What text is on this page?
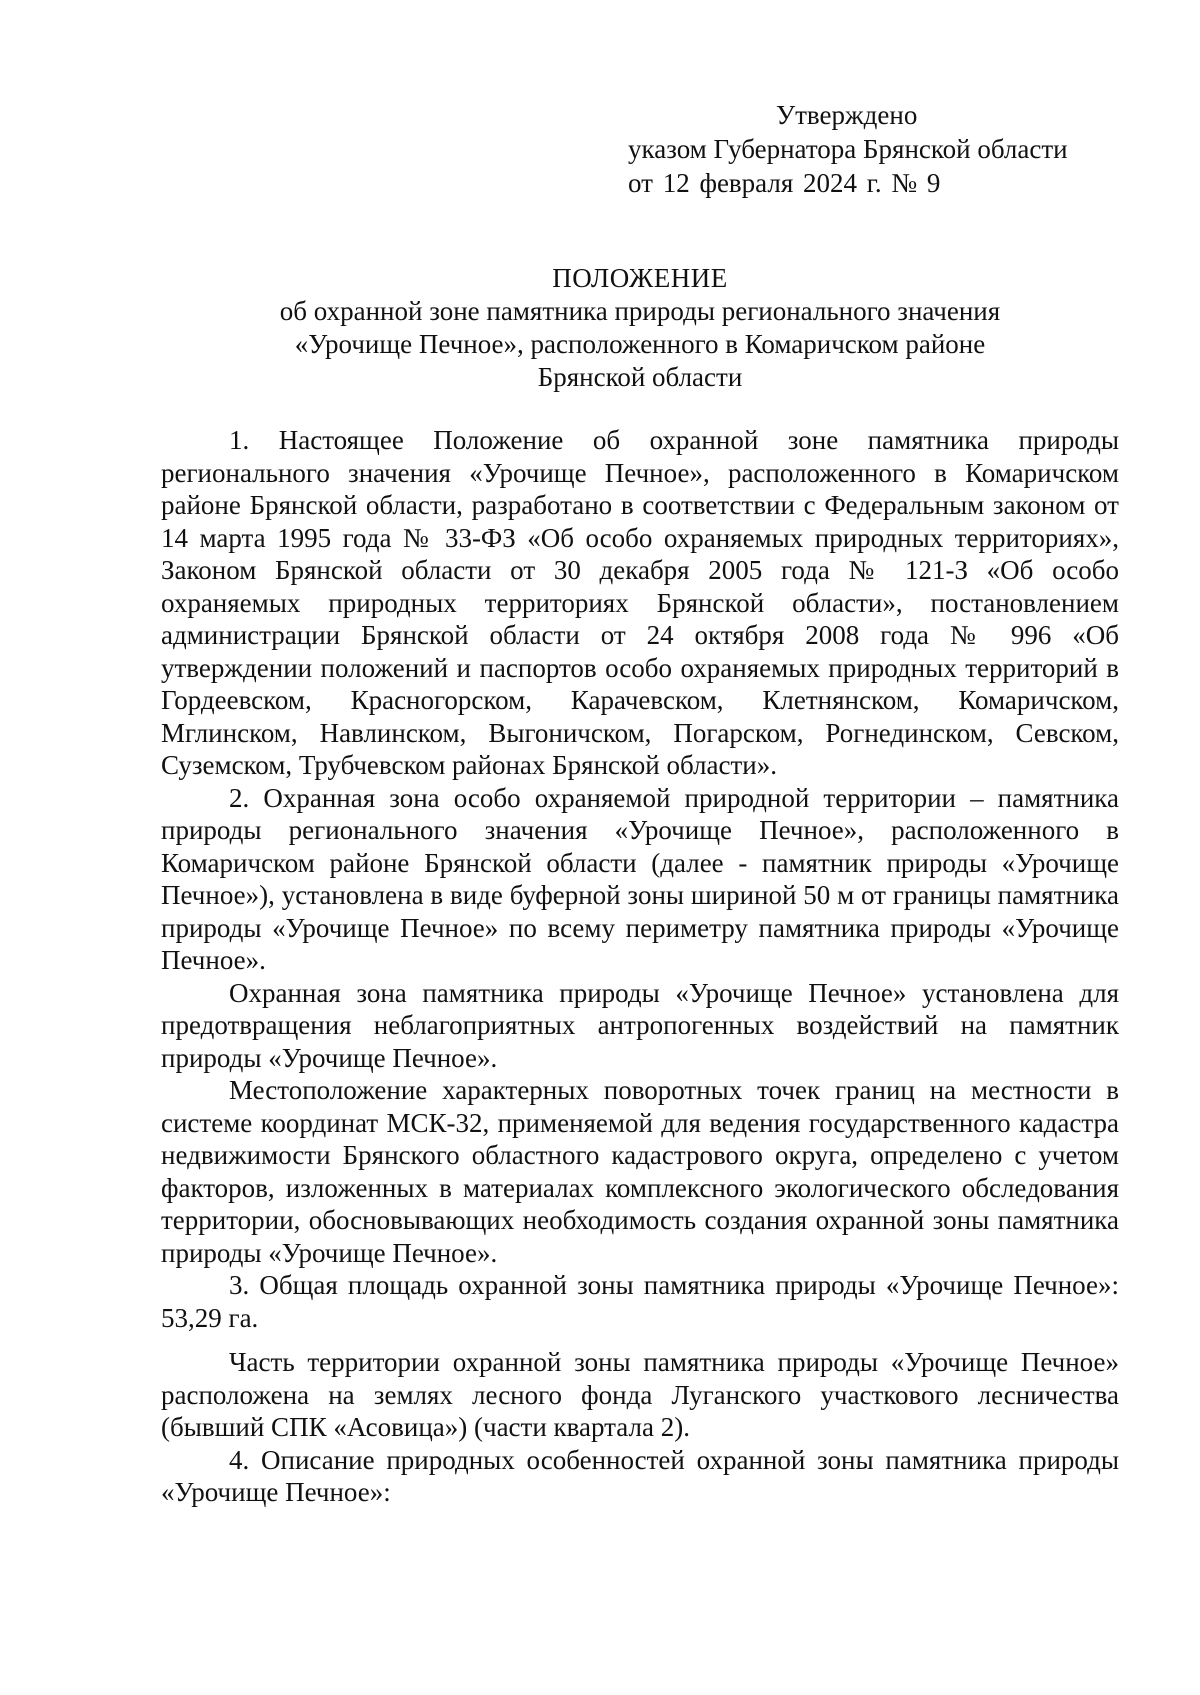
Утверждено
указом Губернатора Брянской области
от 12 февраля 2024 г. № 9
ПОЛОЖЕНИЕ
об охранной зоне памятника природы регионального значения
«Урочище Печное», расположенного в Комаричском районе
Брянской области

1. Настоящее Положение об охранной зоне памятника природы регионального значения «Урочище Печное», расположенного в Комаричском районе Брянской области, разработано в соответствии с Федеральным законом от 14 марта 1995 года № 33-ФЗ «Об особо охраняемых природных территориях», Законом Брянской области от 30 декабря 2005 года № 121-З «Об особо охраняемых природных территориях Брянской области», постановлением администрации Брянской области от 24 октября 2008 года № 996 «Об утверждении положений и паспортов особо охраняемых природных территорий в Гордеевском, Красногорском, Карачевском, Клетнянском, Комаричском, Мглинском, Навлинском, Выгоничском, Погарском, Рогнединском, Севском, Суземском, Трубчевском районах Брянской области».

2. Охранная зона особо охраняемой природной территории – памятника природы регионального значения «Урочище Печное», расположенного в Комаричском районе Брянской области (далее - памятник природы «Урочище Печное»), установлена в виде буферной зоны шириной 50 м от границы памятника природы «Урочище Печное» по всему периметру памятника природы «Урочище Печное».

Охранная зона памятника природы «Урочище Печное» установлена для предотвращения неблагоприятных антропогенных воздействий на памятник природы «Урочище Печное».

Местоположение характерных поворотных точек границ на местности в системе координат МСК-32, применяемой для ведения государственного кадастра недвижимости Брянского областного кадастрового округа, определено с учетом факторов, изложенных в материалах комплексного экологического обследования территории, обосновывающих необходимость создания охранной зоны памятника природы «Урочище Печное».

3. Общая площадь охранной зоны памятника природы «Урочище Печное»: 53,29 га.

Часть территории охранной зоны памятника природы «Урочище Печное» расположена на землях лесного фонда Луганского участкового лесничества (бывший СПК «Асовица») (части квартала 2).

4. Описание природных особенностей охранной зоны памятника природы «Урочище Печное»:
